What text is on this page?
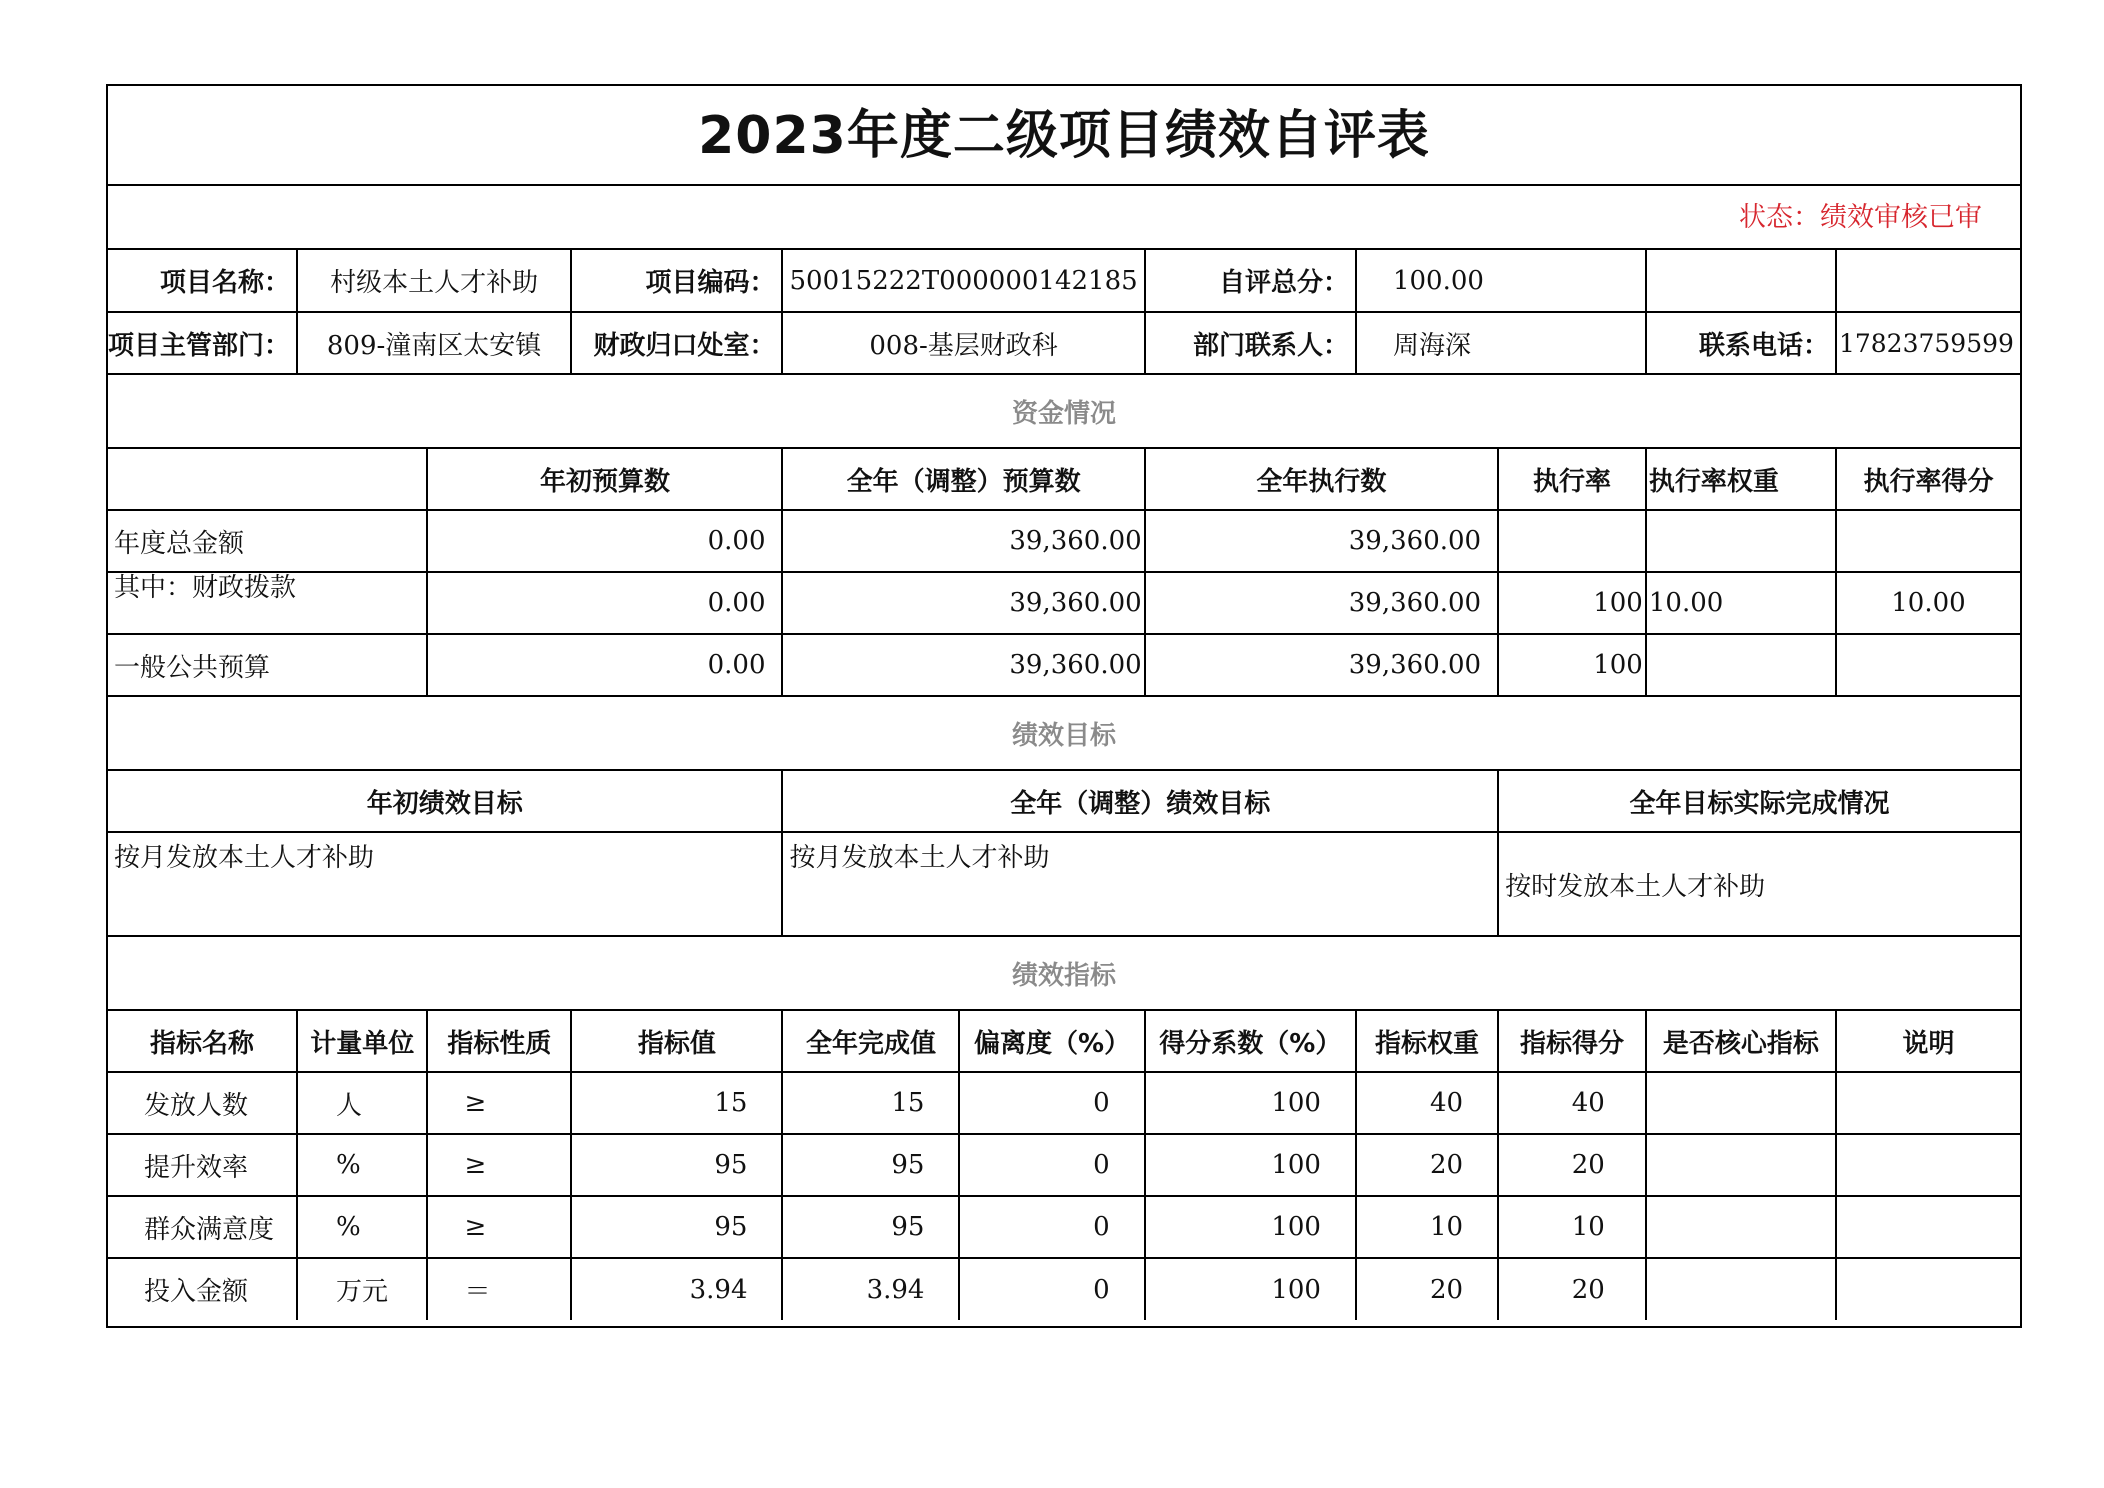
2023年度二级项目绩效自评表
状态：绩效审核已审
项目名称：	村级本土人才补助		项目编码：	50015222T000000142185		自评总分：	100.00			
项目主管部门：	809-潼南区太安镇		财政归口处室：	008-基层财政科		部门联系人：	周海深		联系电话：	17823759599
资金情况										
		年初预算数		全年（调整）预算数		全年执行数		执行率	执行率权重	执行率得分
年度总金额		0.00		39,360.00		39,360.00				
其中：财政拨款		0.00		39,360.00		39,360.00		100	10.00	10.00
一般公共预算		0.00		39,360.00		39,360.00		100		
绩效目标										
年初绩效目标				全年（调整）绩效目标				全年目标实际完成情况		
按月发放本土人才补助				按月发放本土人才补助				按时发放本土人才补助		
绩效指标										
指标名称	计量单位	指标性质	指标值	全年完成值	偏离度（%）	得分系数（%）	指标权重	指标得分	是否核心指标	说明
发放人数	人	≥	15	15	0	100	40	40		
提升效率	%	≥	95	95	0	100	20	20		
群众满意度	%	≥	95	95	0	100	10	10		
投入金额	万元	＝	3.94	3.94	0	100	20	20		
